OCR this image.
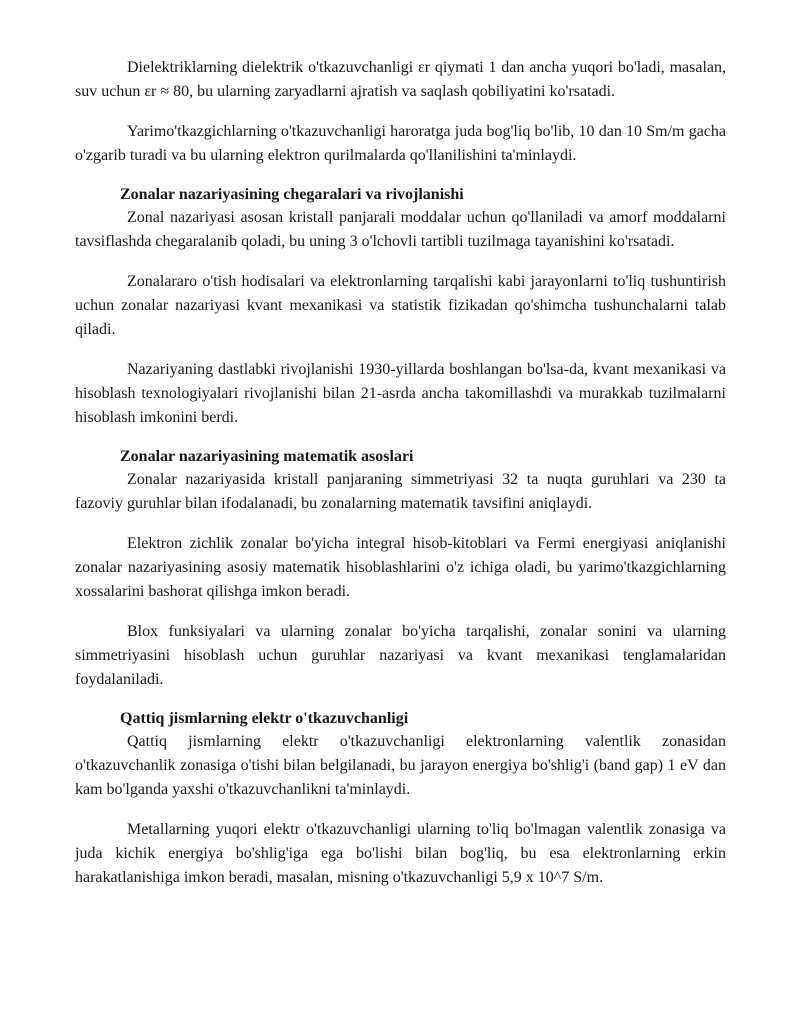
Dielektriklarning dielektrik o'tkazuvchanligi εr qiymati 1 dan ancha yuqori bo'ladi, masalan, suv uchun εr ≈ 80, bu ularning zaryadlarni ajratish va saqlash qobiliyatini ko'rsatadi.

Yarimo'tkazgichlarning o'tkazuvchanligi haroratga juda bog'liq bo'lib, 10 dan 10 Sm/m gacha o'zgarib turadi va bu ularning elektron qurilmalarda qo'llanilishini ta'minlaydi.

Zonalar nazariyasining chegaralari va rivojlanishi

Zonal nazariyasi asosan kristall panjarali moddalar uchun qo'llaniladi va amorf moddalarni tavsiflashda chegaralanib qoladi, bu uning 3 o'lchovli tartibli tuzilmaga tayanishini ko'rsatadi.

Zonalararo o'tish hodisalari va elektronlarning tarqalishi kabi jarayonlarni to'liq tushuntirish uchun zonalar nazariyasi kvant mexanikasi va statistik fizikadan qo'shimcha tushunchalarni talab qiladi.

Nazariyaning dastlabki rivojlanishi 1930-yillarda boshlangan bo'lsa-da, kvant mexanikasi va hisoblash texnologiyalari rivojlanishi bilan 21-asrda ancha takomillashdi va murakkab tuzilmalarni hisoblash imkonini berdi.

Zonalar nazariyasining matematik asoslari

Zonalar nazariyasida kristall panjaraning simmetriyasi 32 ta nuqta guruhlari va 230 ta fazoviy guruhlar bilan ifodalanadi, bu zonalarning matematik tavsifini aniqlaydi.

Elektron zichlik zonalar bo'yicha integral hisob-kitoblari va Fermi energiyasi aniqlanishi zonalar nazariyasining asosiy matematik hisoblashlarini o'z ichiga oladi, bu yarimo'tkazgichlarning xossalarini bashorat qilishga imkon beradi.

Blox funksiyalari va ularning zonalar bo'yicha tarqalishi, zonalar sonini va ularning simmetriyasini hisoblash uchun guruhlar nazariyasi va kvant mexanikasi tenglamalaridan foydalaniladi.

Qattiq jismlarning elektr o'tkazuvchanligi

Qattiq jismlarning elektr o'tkazuvchanligi elektronlarning valentlik zonasidan o'tkazuvchanlik zonasiga o'tishi bilan belgilanadi, bu jarayon energiya bo'shlig'i (band gap) 1 eV dan kam bo'lganda yaxshi o'tkazuvchanlikni ta'minlaydi.

Metallarning yuqori elektr o'tkazuvchanligi ularning to'liq bo'lmagan valentlik zonasiga va juda kichik energiya bo'shlig'iga ega bo'lishi bilan bog'liq, bu esa elektronlarning erkin harakatlanishiga imkon beradi, masalan, misning o'tkazuvchanligi 5,9 x 10^7 S/m.
